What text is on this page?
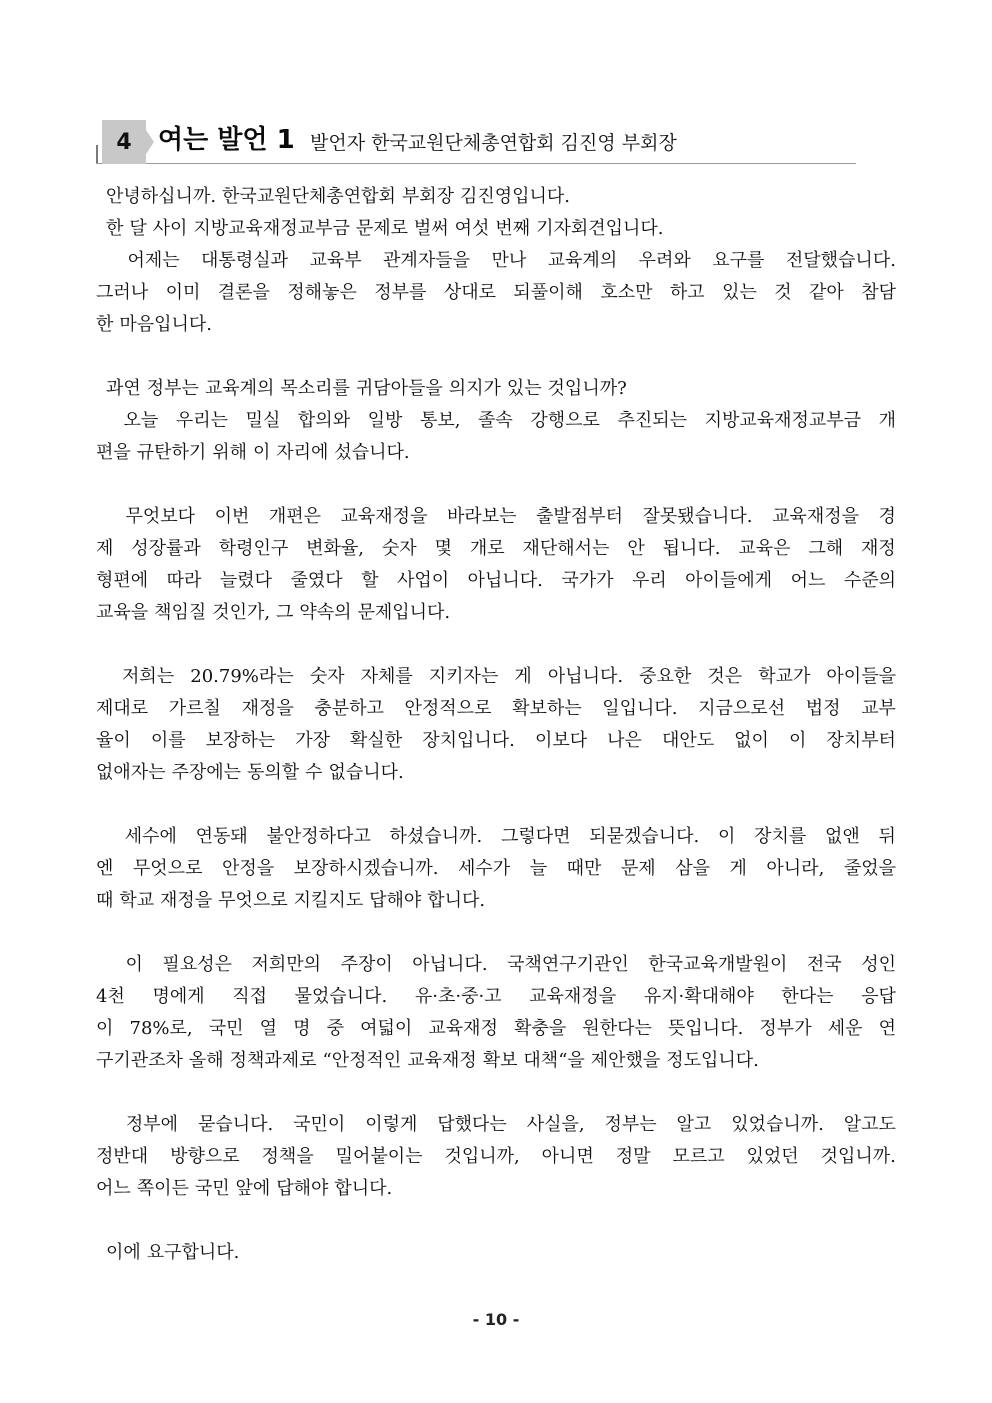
4	여는 발언 1 발언자 한국교원단체총연합회 김진영 부회장
안녕하십니까. 한국교원단체총연합회 부회장 김진영입니다.
한 달 사이 지방교육재정교부금 문제로 벌써 여섯 번째 기자회견입니다.
어제는 대통령실과 교육부 관계자들을 만나 교육계의 우려와 요구를 전달했습니다.
그러나 이미 결론을 정해놓은 정부를 상대로 되풀이해 호소만 하고 있는 것 같아 참담
한 마음입니다.
과연 정부는 교육계의 목소리를 귀담아들을 의지가 있는 것입니까?
오늘 우리는 밀실 합의와 일방 통보, 졸속 강행으로 추진되는 지방교육재정교부금 개
편을 규탄하기 위해 이 자리에 섰습니다.
무엇보다 이번 개편은 교육재정을 바라보는 출발점부터 잘못됐습니다. 교육재정을 경
제 성장률과 학령인구 변화율, 숫자 몇 개로 재단해서는 안 됩니다. 교육은 그해 재정
형편에 따라 늘렸다 줄였다 할 사업이 아닙니다. 국가가 우리 아이들에게 어느 수준의
교육을 책임질 것인가, 그 약속의 문제입니다.
저희는 20.79%라는 숫자 자체를 지키자는 게 아닙니다. 중요한 것은 학교가 아이들을
제대로 가르칠 재정을 충분하고 안정적으로 확보하는 일입니다. 지금으로선 법정 교부
율이 이를 보장하는 가장 확실한 장치입니다. 이보다 나은 대안도 없이 이 장치부터
없애자는 주장에는 동의할 수 없습니다.
세수에 연동돼 불안정하다고 하셨습니까. 그렇다면 되묻겠습니다. 이 장치를 없앤 뒤
엔 무엇으로 안정을 보장하시겠습니까. 세수가 늘 때만 문제 삼을 게 아니라, 줄었을
때 학교 재정을 무엇으로 지킬지도 답해야 합니다.
이 필요성은 저희만의 주장이 아닙니다. 국책연구기관인 한국교육개발원이 전국 성인
4천 명에게 직접 물었습니다. 유·초·중·고 교육재정을 유지·확대해야 한다는 응답
이 78%로, 국민 열 명 중 여덟이 교육재정 확충을 원한다는 뜻입니다. 정부가 세운 연
구기관조차 올해 정책과제로 “안정적인 교육재정 확보 대책“을 제안했을 정도입니다.
정부에 묻습니다. 국민이 이렇게 답했다는 사실을, 정부는 알고 있었습니까. 알고도
정반대 방향으로 정책을 밀어붙이는 것입니까, 아니면 정말 모르고 있었던 것입니까.
어느 쪽이든 국민 앞에 답해야 합니다.
이에 요구합니다.
- 10 -
